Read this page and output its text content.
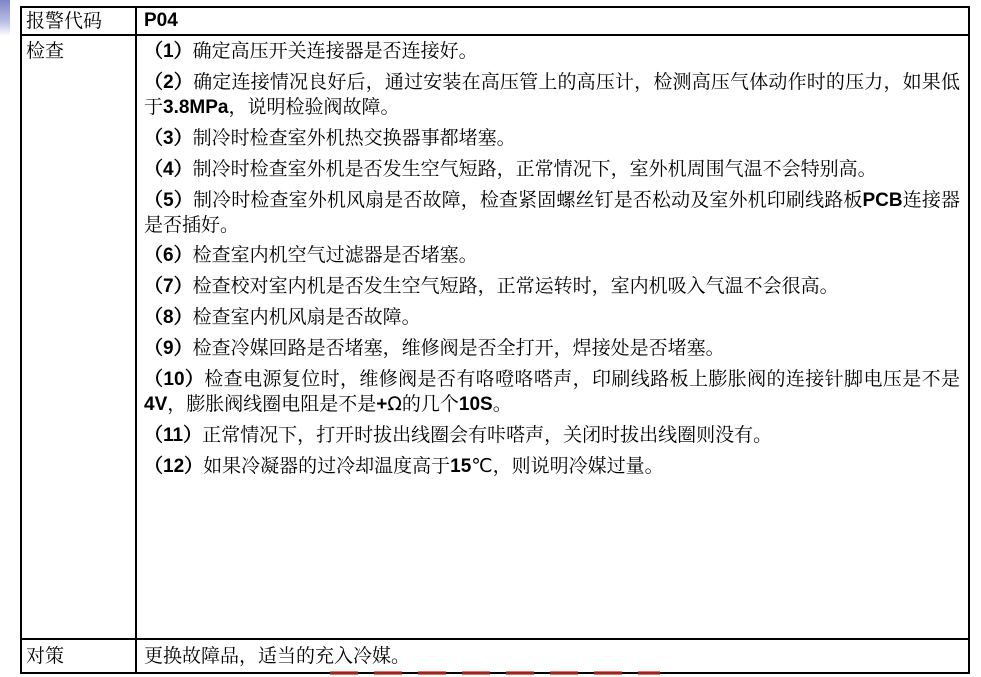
报警代码	P04
检查	（1）确定高压开关连接器是否连接好。
（2）确定连接情况良好后，通过安装在高压管上的高压计，检测高压气体动作时的压力，如果低于3.8MPa，说明检验阀故障。
（3）制冷时检查室外机热交换器事都堵塞。
（4）制冷时检查室外机是否发生空气短路，正常情况下，室外机周围气温不会特别高。
（5）制冷时检查室外机风扇是否故障，检查紧固螺丝钉是否松动及室外机印刷线路板PCB连接器是否插好。
（6）检查室内机空气过滤器是否堵塞。
（7）检查校对室内机是否发生空气短路，正常运转时，室内机吸入气温不会很高。
（8）检查室内机风扇是否故障。
（9）检查冷媒回路是否堵塞，维修阀是否全打开，焊接处是否堵塞。
（10）检查电源复位时，维修阀是否有咯噔咯嗒声，印刷线路板上膨胀阀的连接针脚电压是不是4V，膨胀阀线圈电阻是不是+Ω的几个10S。
（11）正常情况下，打开时拔出线圈会有咔嗒声，关闭时拔出线圈则没有。
（12）如果冷凝器的过冷却温度高于15℃，则说明冷媒过量。
对策	更换故障品，适当的充入冷媒。
